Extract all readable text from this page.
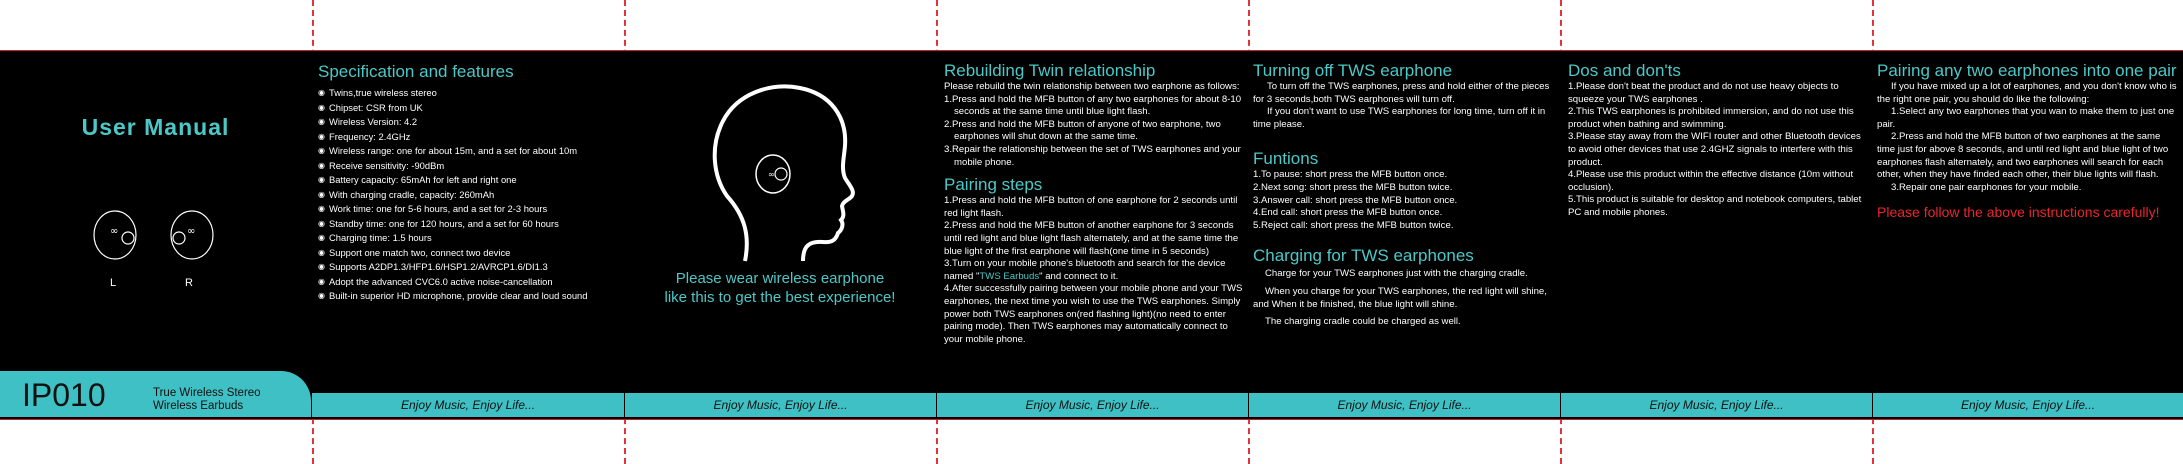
User Manual
∞	∞
L	R
IP010	True Wireless Stereo
Wireless Earbuds
Specification and features
◉ Twins,true wireless stereo
◉ Chipset: CSR from UK
◉ Wireless Version: 4.2
◉ Frequency: 2.4GHz
◉ Wireless range: one for about 15m, and a set for about 10m
◉ Receive sensitivity: -90dBm
◉ Battery capacity: 65mAh for left and right one
◉ With charging cradle, capacity: 260mAh
◉ Work time: one for 5-6 hours, and a set for 2-3 hours
◉ Standby time: one for 120 hours, and a set for 60 hours
◉ Charging time: 1.5 hours
◉ Support one match two, connect two device
◉ Supports A2DP1.3/HFP1.6/HSP1.2/AVRCP1.6/DI1.3
◉ Adopt the advanced CVC6.0 active noise-cancellation
◉ Built-in superior HD microphone, provide clear and loud sound
∞
Please wear wireless earphone
like this to get the best experience!
Rebuilding Twin relationship

Please rebuild the twin relationship between two earphone as follows:

1.Press and hold the MFB button of any two earphones for about 8-10 seconds at the same time until blue light flash.

2.Press and hold the MFB button of anyone of two earphone, two earphones will shut down at the same time.

3.Repair the relationship between the set of TWS earphones and your mobile phone.

Pairing steps

1.Press and hold the MFB button of one earphone for 2 seconds until red light flash.

2.Press and hold the MFB button of another earphone for 3 seconds until red light and blue light flash alternately, and at the same time the blue light of the first earphone will flash(one time in 5 seconds)

3.Turn on your mobile phone's bluetooth and search for the device named "TWS Earbuds" and connect to it.

4.After successfully pairing between your mobile phone and your TWS earphones, the next time you wish to use the TWS earphones. Simply power both TWS earphones on(red flashing light)(no need to enter pairing mode). Then TWS earphones may automatically connect to your mobile phone.

Turning off TWS earphone

To turn off the TWS earphones, press and hold either of the pieces for 3 seconds,both TWS earphones will turn off.

If you don't want to use TWS earphones for long time, turn off it in time please.

Funtions

1.To pause: short press the MFB button once.

2.Next song: short press the MFB button twice.

3.Answer call: short press the MFB button once.

4.End call: short press the MFB button once.

5.Reject call: short press the MFB button twice.

Charging for TWS earphones

Charge for your TWS earphones just with the charging cradle.

When you charge for your TWS earphones, the red light will shine, and When it be finished, the blue light will shine.

The charging cradle could be charged as well.

Dos and don'ts

1.Please don't beat the product and do not use heavy objects to squeeze your TWS earphones .

2.This TWS earphones is prohibited immersion, and do not use this product when bathing and swimming.

3.Please stay away from the WIFI router and other Bluetooth devices to avoid other devices that use 2.4GHZ signals to interfere with this product.

4.Please use this product within the effective distance (10m without occlusion).

5.This product is suitable for desktop and notebook computers, tablet PC and mobile phones.

Pairing any two earphones into one pair

If you have mixed up a lot of earphones, and you don't know who is the right one pair, you should do like the following:

1.Select any two earphones that you wan to make them to just one pair.

2.Press and hold the MFB button of two earphones at the same time just for above 8 seconds, and until red light and blue light of two earphones flash alternately, and two earphones will search for each other, when they have finded each other, their blue lights will flash.

3.Repair one pair earphones for your mobile.

Please follow the above instructions carefully!

Enjoy Music, Enjoy Life...	Enjoy Music, Enjoy Life...	Enjoy Music, Enjoy Life...	Enjoy Music, Enjoy Life...	Enjoy Music, Enjoy Life...	Enjoy Music, Enjoy Life...
